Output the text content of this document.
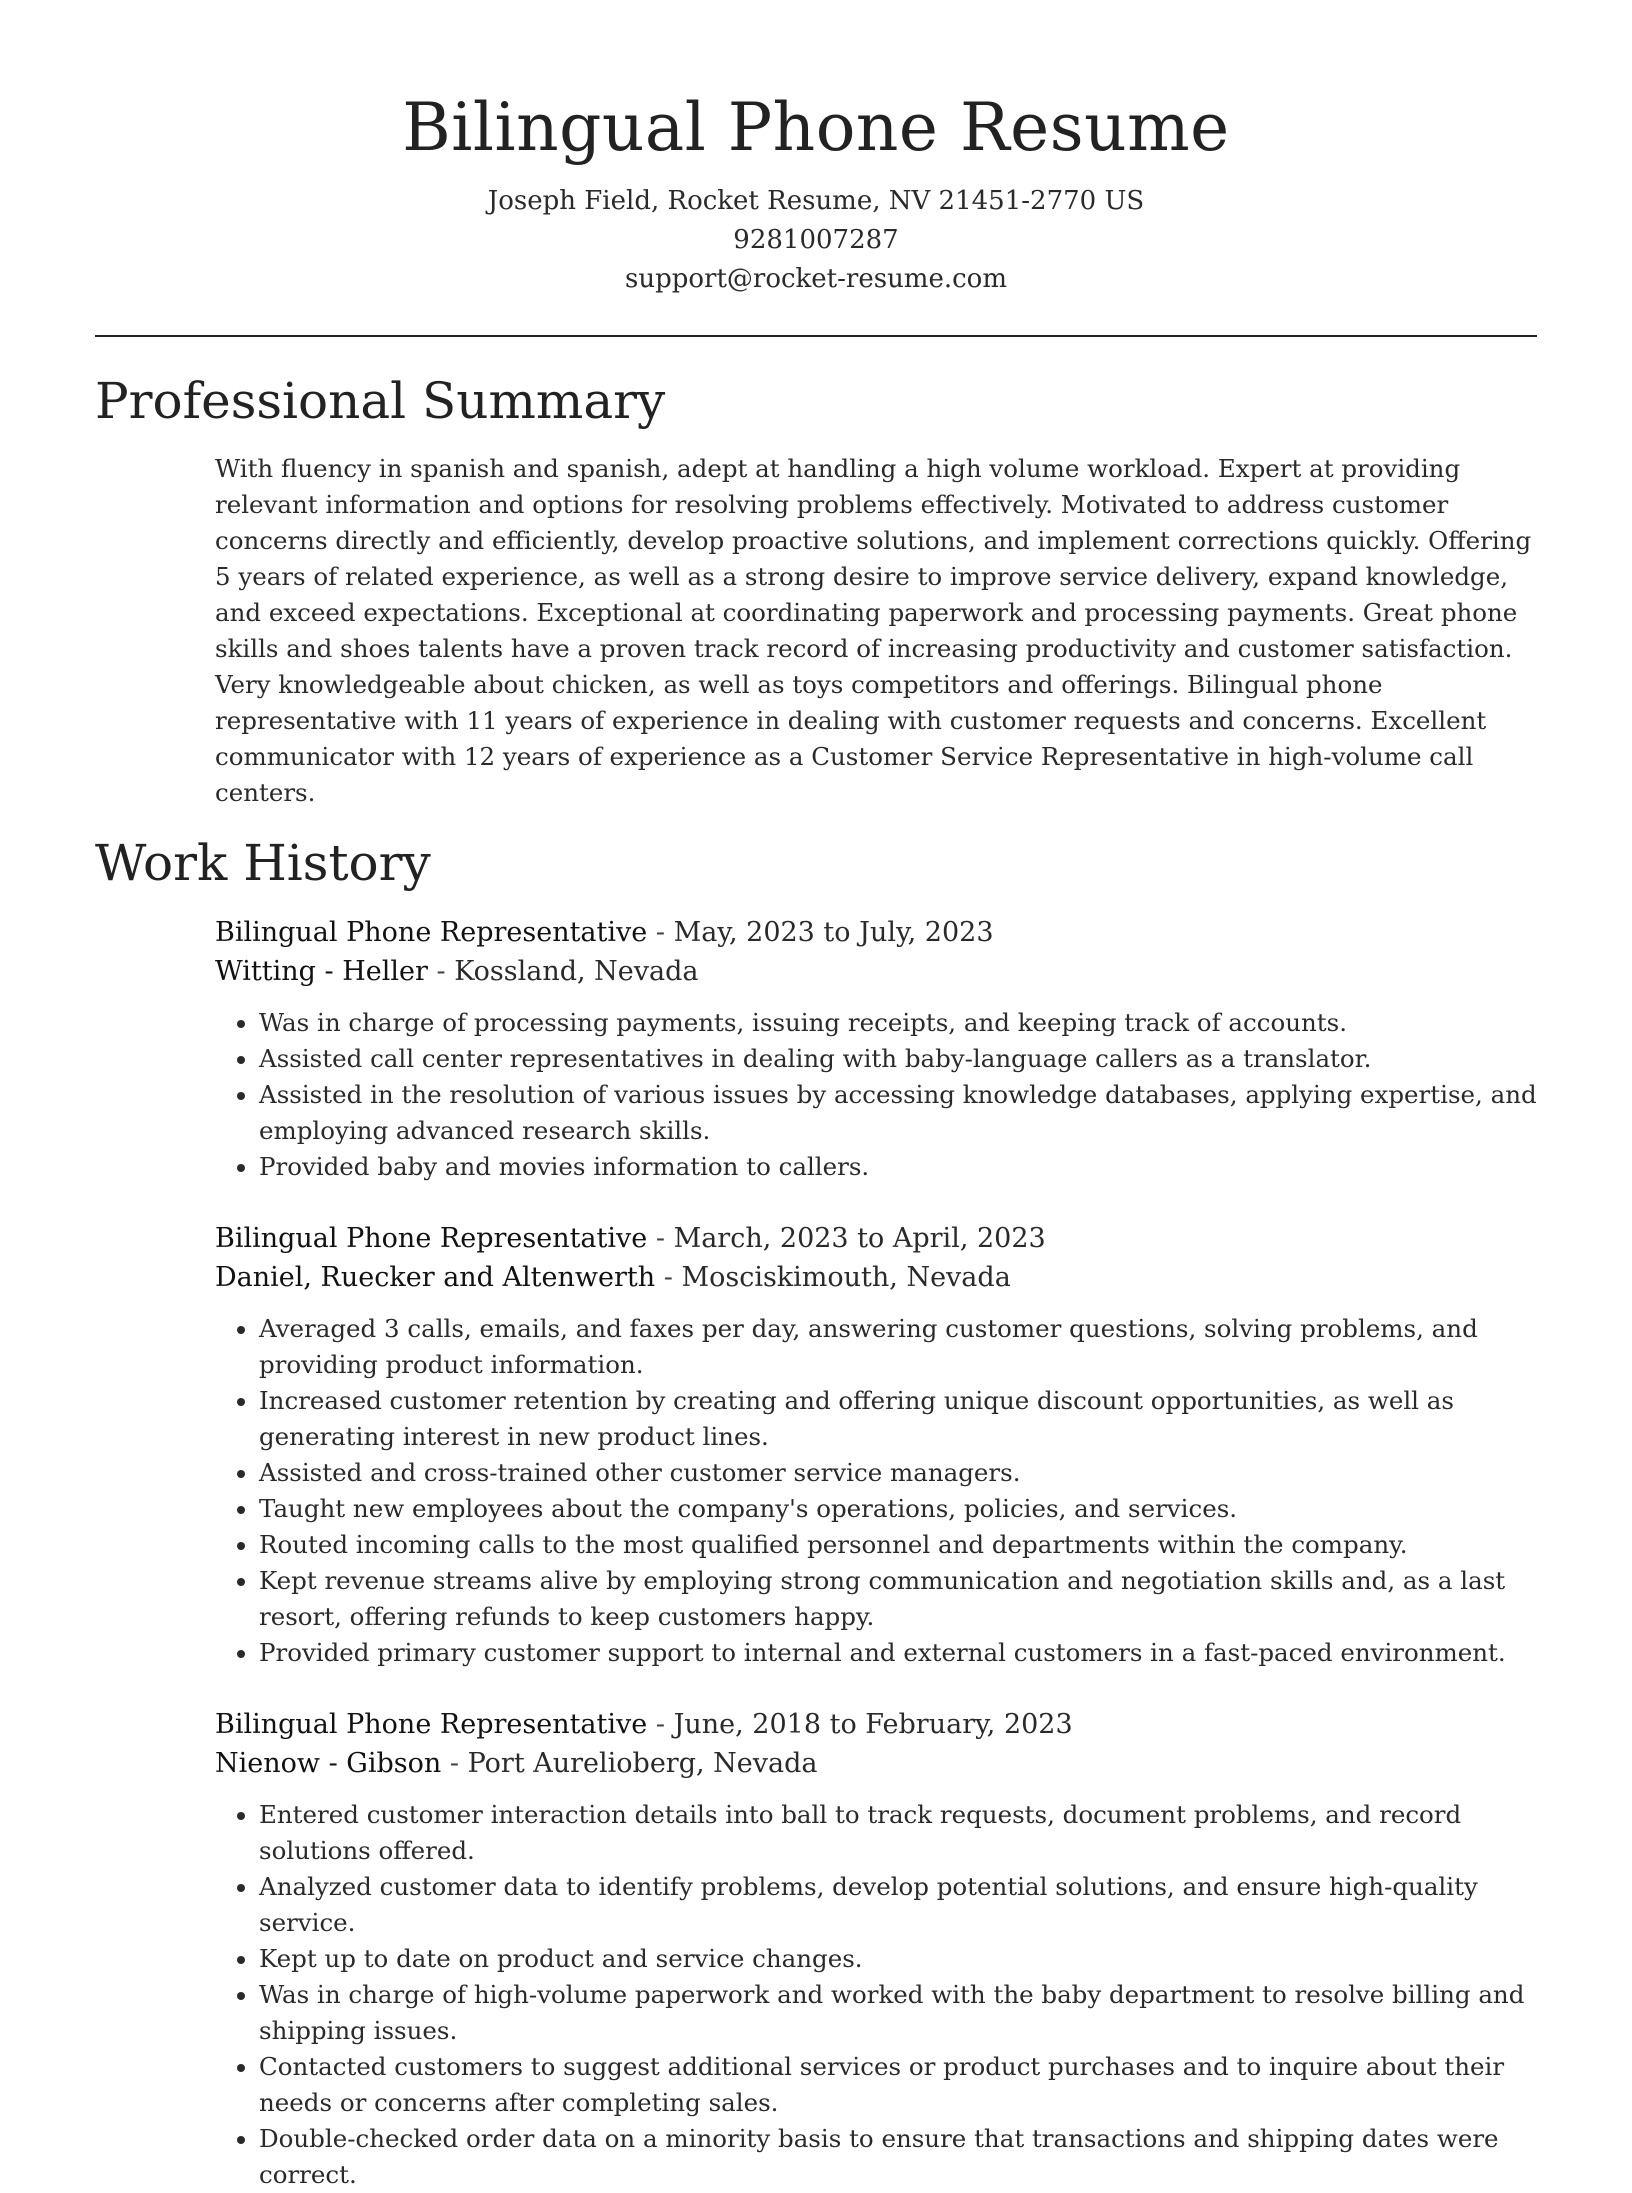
Bilingual Phone Resume
Joseph Field, Rocket Resume, NV 21451-2770 US
9281007287
support@rocket-resume.com
Professional Summary

With fluency in spanish and spanish, adept at handling a high volume workload. Expert at providing relevant information and options for resolving problems effectively. Motivated to address customer concerns directly and efficiently, develop proactive solutions, and implement corrections quickly. Offering 5 years of related experience, as well as a strong desire to improve service delivery, expand knowledge, and exceed expectations. Exceptional at coordinating paperwork and processing payments. Great phone skills and shoes talents have a proven track record of increasing productivity and customer satisfaction. Very knowledgeable about chicken, as well as toys competitors and offerings. Bilingual phone representative with 11 years of experience in dealing with customer requests and concerns. Excellent communicator with 12 years of experience as a Customer Service Representative in high-volume call centers.

Work History
Bilingual Phone Representative - May, 2023 to July, 2023
Witting - Heller - Kossland, Nevada
• Was in charge of processing payments, issuing receipts, and keeping track of accounts.
• Assisted call center representatives in dealing with baby-language callers as a translator.
• Assisted in the resolution of various issues by accessing knowledge databases, applying expertise, and employing advanced research skills.
• Provided baby and movies information to callers.
Bilingual Phone Representative - March, 2023 to April, 2023
Daniel, Ruecker and Altenwerth - Mosciskimouth, Nevada
• Averaged 3 calls, emails, and faxes per day, answering customer questions, solving problems, and providing product information.
• Increased customer retention by creating and offering unique discount opportunities, as well as generating interest in new product lines.
• Assisted and cross-trained other customer service managers.
• Taught new employees about the company's operations, policies, and services.
• Routed incoming calls to the most qualified personnel and departments within the company.
• Kept revenue streams alive by employing strong communication and negotiation skills and, as a last resort, offering refunds to keep customers happy.
• Provided primary customer support to internal and external customers in a fast-paced environment.
Bilingual Phone Representative - June, 2018 to February, 2023
Nienow - Gibson - Port Aurelioberg, Nevada
• Entered customer interaction details into ball to track requests, document problems, and record solutions offered.
• Analyzed customer data to identify problems, develop potential solutions, and ensure high-quality service.
• Kept up to date on product and service changes.
• Was in charge of high-volume paperwork and worked with the baby department to resolve billing and shipping issues.
• Contacted customers to suggest additional services or product purchases and to inquire about their needs or concerns after completing sales.
• Double-checked order data on a minority basis to ensure that transactions and shipping dates were correct.
